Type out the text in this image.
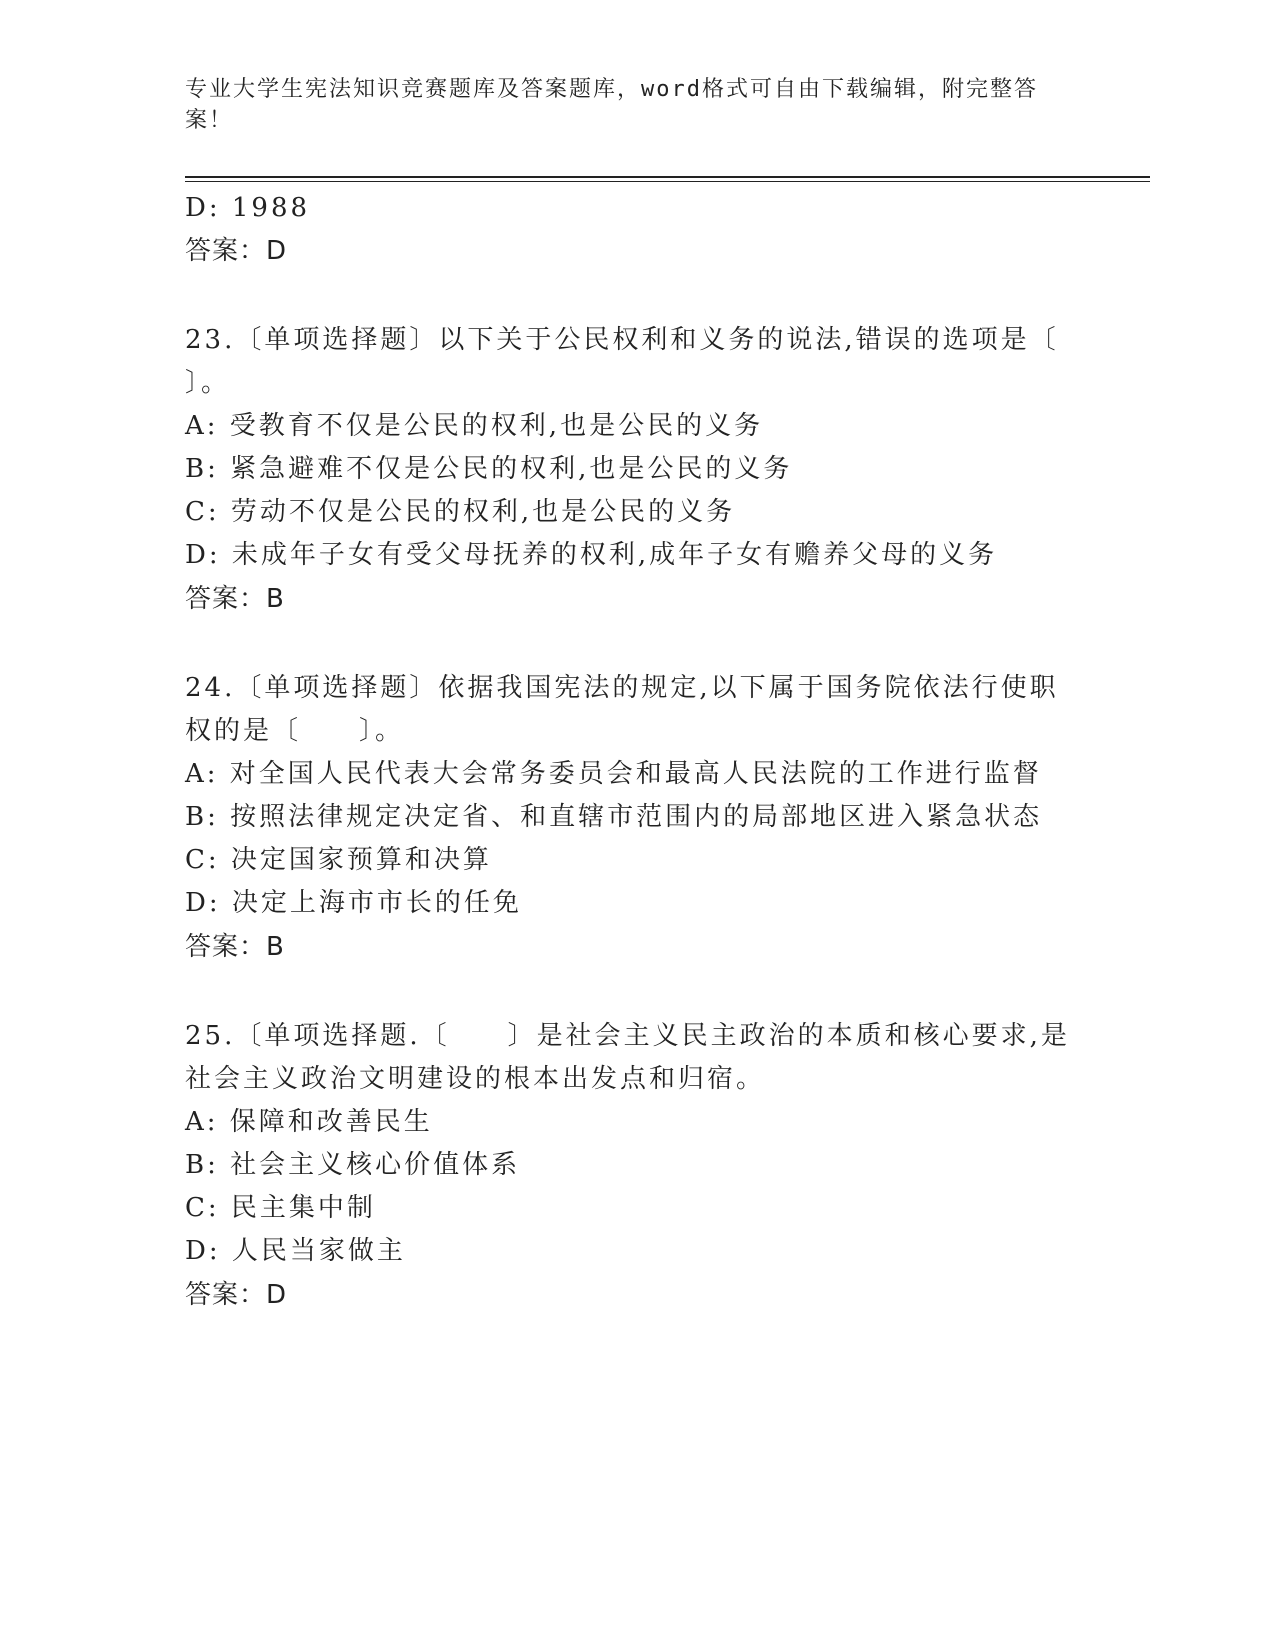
专业大学生宪法知识竞赛题库及答案题库，word格式可自由下载编辑，附完整答案！
D: 1988
答案：D
23.〔单项选择题〕以下关于公民权利和义务的说法,错误的选项是〔
〕。
A: 受教育不仅是公民的权利,也是公民的义务
B: 紧急避难不仅是公民的权利,也是公民的义务
C: 劳动不仅是公民的权利,也是公民的义务
D: 未成年子女有受父母抚养的权利,成年子女有赡养父母的义务
答案：B
24.〔单项选择题〕依据我国宪法的规定,以下属于国务院依法行使职
权的是〔　　〕。
A: 对全国人民代表大会常务委员会和最高人民法院的工作进行监督
B: 按照法律规定决定省、和直辖市范围内的局部地区进入紧急状态
C: 决定国家预算和决算
D: 决定上海市市长的任免
答案：B
25.〔单项选择题.〔　　〕是社会主义民主政治的本质和核心要求,是
社会主义政治文明建设的根本出发点和归宿。
A: 保障和改善民生
B: 社会主义核心价值体系
C: 民主集中制
D: 人民当家做主
答案：D
